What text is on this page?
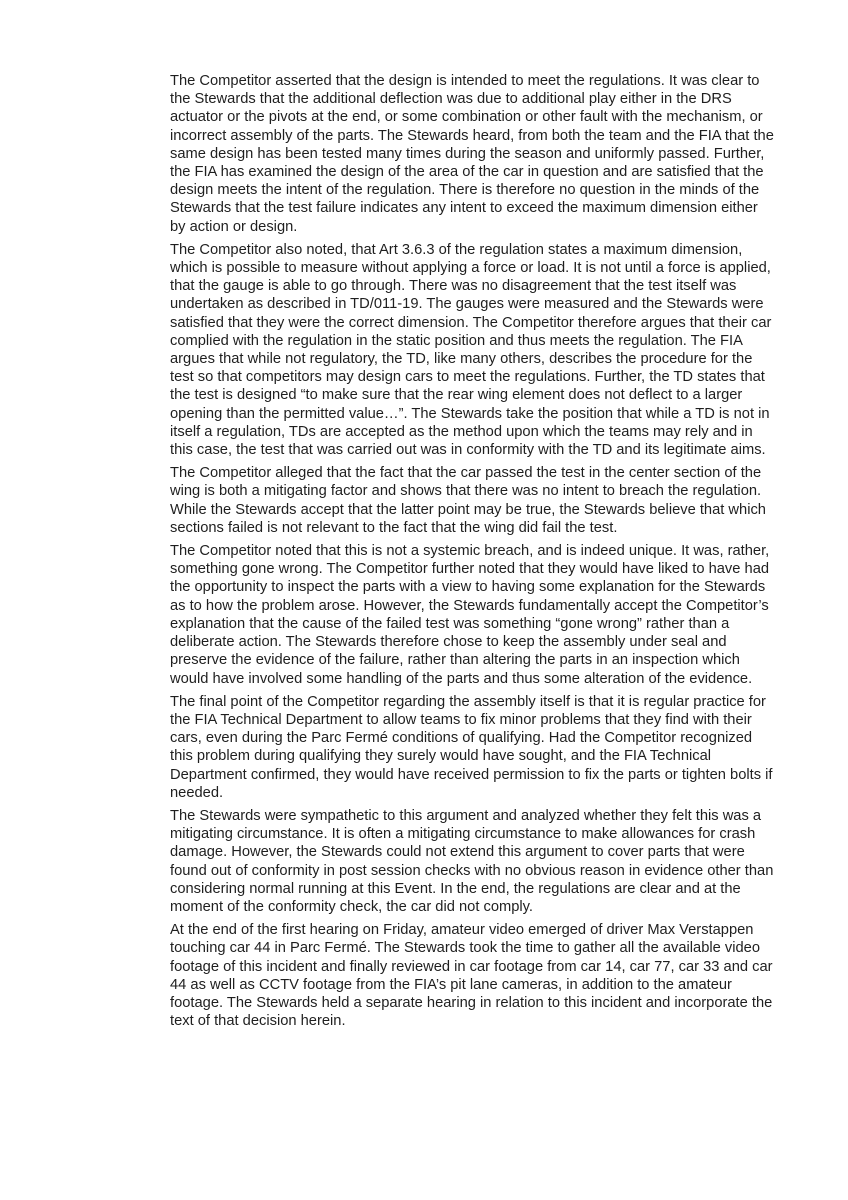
The Competitor asserted that the design is intended to meet the regulations. It was clear to the Stewards that the additional deflection was due to additional play either in the DRS actuator or the pivots at the end, or some combination or other fault with the mechanism, or incorrect assembly of the parts. The Stewards heard, from both the team and the FIA that the same design has been tested many times during the season and uniformly passed. Further, the FIA has examined the design of the area of the car in question and are satisfied that the design meets the intent of the regulation. There is therefore no question in the minds of the Stewards that the test failure indicates any intent to exceed the maximum dimension either by action or design.

The Competitor also noted, that Art 3.6.3 of the regulation states a maximum dimension, which is possible to measure without applying a force or load. It is not until a force is applied, that the gauge is able to go through. There was no disagreement that the test itself was undertaken as described in TD/011-19. The gauges were measured and the Stewards were satisfied that they were the correct dimension. The Competitor therefore argues that their car complied with the regulation in the static position and thus meets the regulation. The FIA argues that while not regulatory, the TD, like many others, describes the procedure for the test so that competitors may design cars to meet the regulations. Further, the TD states that the test is designed “to make sure that the rear wing element does not deflect to a larger opening than the permitted value…”. The Stewards take the position that while a TD is not in itself a regulation, TDs are accepted as the method upon which the teams may rely and in this case, the test that was carried out was in conformity with the TD and its legitimate aims.

The Competitor alleged that the fact that the car passed the test in the center section of the wing is both a mitigating factor and shows that there was no intent to breach the regulation. While the Stewards accept that the latter point may be true, the Stewards believe that which sections failed is not relevant to the fact that the wing did fail the test.

The Competitor noted that this is not a systemic breach, and is indeed unique. It was, rather, something gone wrong. The Competitor further noted that they would have liked to have had the opportunity to inspect the parts with a view to having some explanation for the Stewards as to how the problem arose. However, the Stewards fundamentally accept the Competitor’s explanation that the cause of the failed test was something “gone wrong” rather than a deliberate action. The Stewards therefore chose to keep the assembly under seal and preserve the evidence of the failure, rather than altering the parts in an inspection which would have involved some handling of the parts and thus some alteration of the evidence.

The final point of the Competitor regarding the assembly itself is that it is regular practice for the FIA Technical Department to allow teams to fix minor problems that they find with their cars, even during the Parc Fermé conditions of qualifying. Had the Competitor recognized this problem during qualifying they surely would have sought, and the FIA Technical Department confirmed, they would have received permission to fix the parts or tighten bolts if needed.

The Stewards were sympathetic to this argument and analyzed whether they felt this was a mitigating circumstance. It is often a mitigating circumstance to make allowances for crash damage. However, the Stewards could not extend this argument to cover parts that were found out of conformity in post session checks with no obvious reason in evidence other than considering normal running at this Event. In the end, the regulations are clear and at the moment of the conformity check, the car did not comply.

At the end of the first hearing on Friday, amateur video emerged of driver Max Verstappen touching car 44 in Parc Fermé. The Stewards took the time to gather all the available video footage of this incident and finally reviewed in car footage from car 14, car 77, car 33 and car 44 as well as CCTV footage from the FIA’s pit lane cameras, in addition to the amateur footage. The Stewards held a separate hearing in relation to this incident and incorporate the text of that decision herein.
